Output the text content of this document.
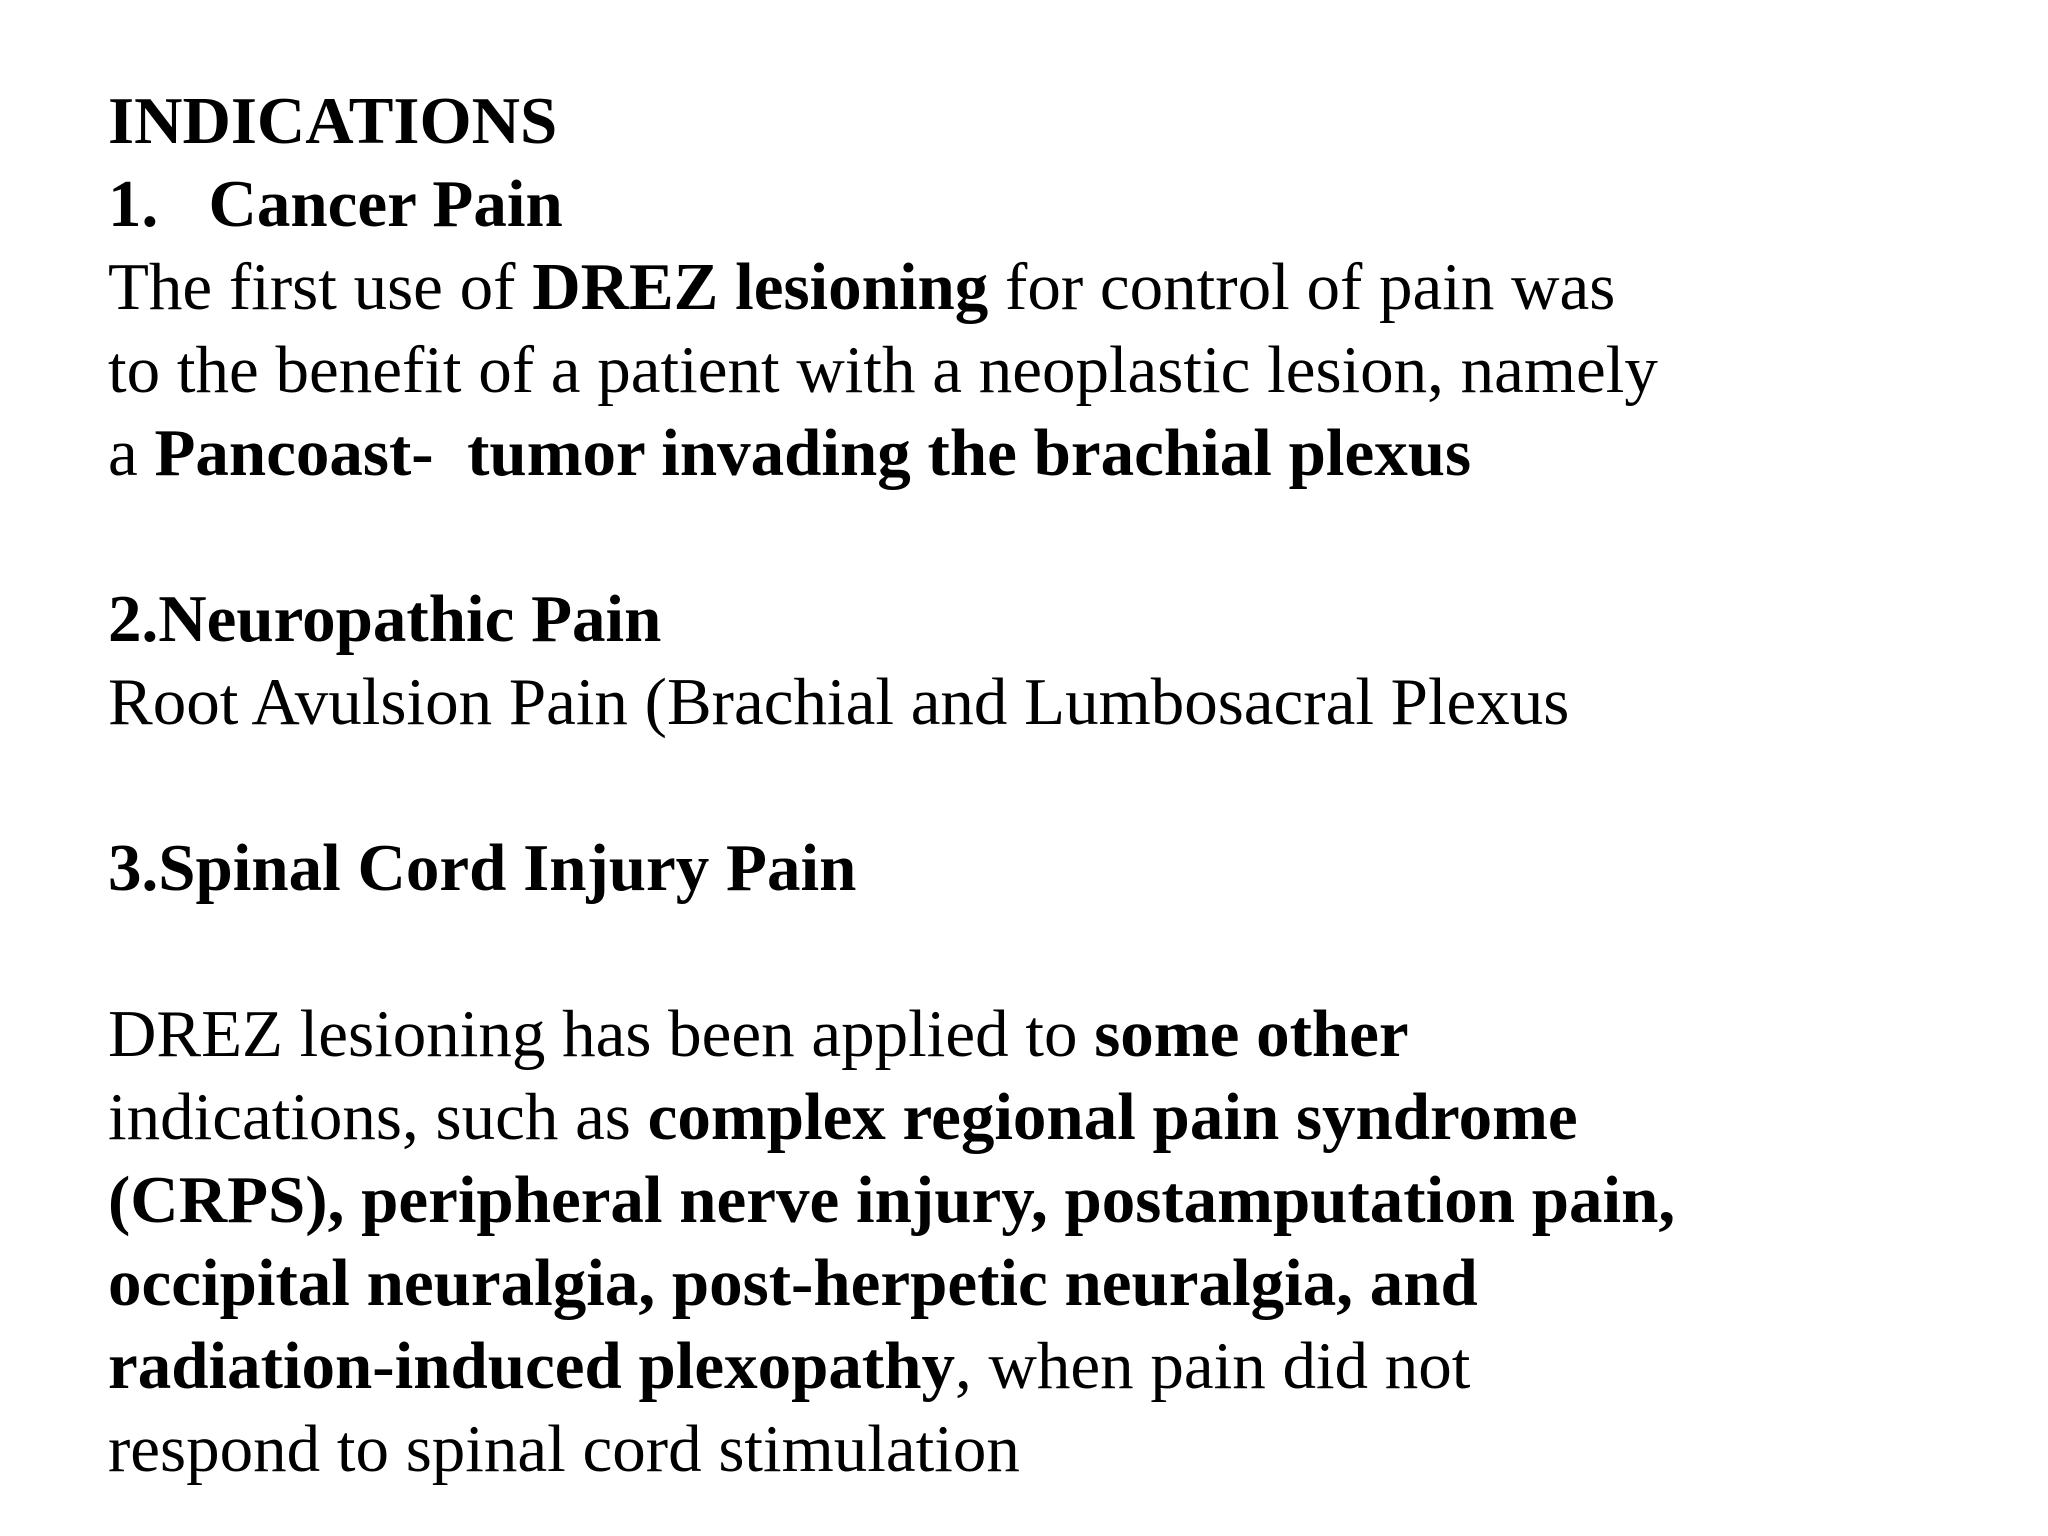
INDICATIONS
1. Cancer Pain
The first use of DREZ lesioning for control of pain was
to the benefit of a patient with a neoplastic lesion, namely
a Pancoast-  tumor invading the brachial plexus
2.Neuropathic Pain
Root Avulsion Pain (Brachial and Lumbosacral Plexus
3.Spinal Cord Injury Pain
DREZ lesioning has been applied to some other
indications, such as complex regional pain syndrome
(CRPS), peripheral nerve injury, postamputation pain,
occipital neuralgia, post-herpetic neuralgia, and
radiation-induced plexopathy, when pain did not
respond to spinal cord stimulation
